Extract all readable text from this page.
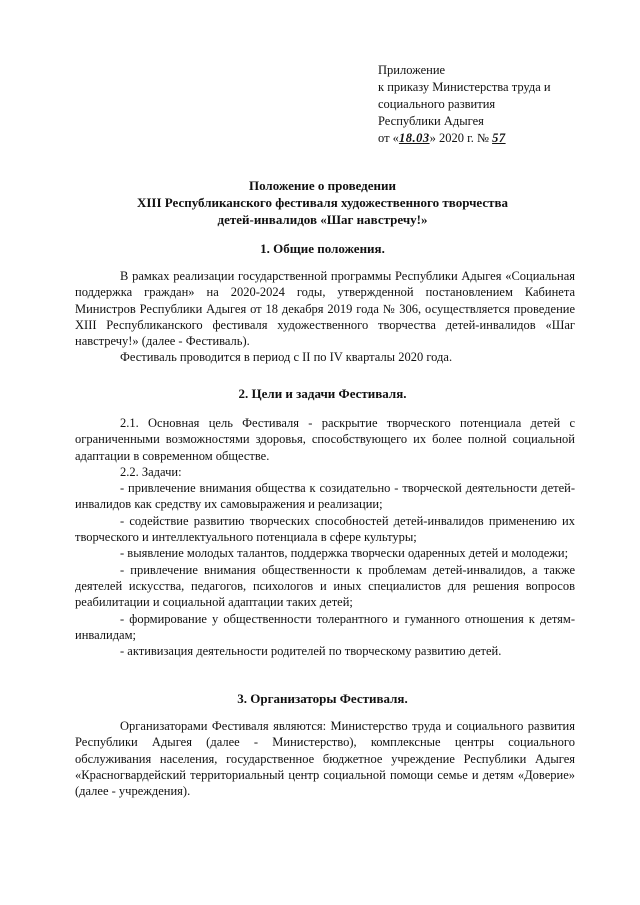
Приложение
к приказу Министерства труда и
социального развития
Республики Адыгея
от «18.03» 2020 г. № 57
Положение о проведении
XIII Республиканского фестиваля художественного творчества
детей-инвалидов «Шаг навстречу!»
1. Общие положения.

В рамках реализации государственной программы Республики Адыгея «Социальная поддержка граждан» на 2020-2024 годы, утвержденной постановлением Кабинета Министров Республики Адыгея от 18 декабря 2019 года № 306, осуществляется проведение XIII Республиканского фестиваля художественного творчества детей-инвалидов «Шаг навстречу!» (далее - Фестиваль).

Фестиваль проводится в период с II по IV кварталы 2020 года.

2. Цели и задачи Фестиваля.

2.1. Основная цель Фестиваля - раскрытие творческого потенциала детей с ограниченными возможностями здоровья, способствующего их более полной социальной адаптации в современном обществе.

2.2. Задачи:

- привлечение внимания общества к созидательно - творческой деятельности детей-инвалидов как средству их самовыражения и реализации;

- содействие развитию творческих способностей детей-инвалидов применению их творческого и интеллектуального потенциала в сфере культуры;

- выявление молодых талантов, поддержка творчески одаренных детей и молодежи;

- привлечение внимания общественности к проблемам детей-инвалидов, а также деятелей искусства, педагогов, психологов и иных специалистов для решения вопросов реабилитации и социальной адаптации таких детей;

- формирование у общественности толерантного и гуманного отношения к детям-инвалидам;

- активизация деятельности родителей по творческому развитию детей.

3. Организаторы Фестиваля.

Организаторами Фестиваля являются: Министерство труда и социального развития Республики Адыгея (далее - Министерство), комплексные центры социального обслуживания населения, государственное бюджетное учреждение Республики Адыгея «Красногвардейский территориальный центр социальной помощи семье и детям «Доверие» (далее - учреждения).
